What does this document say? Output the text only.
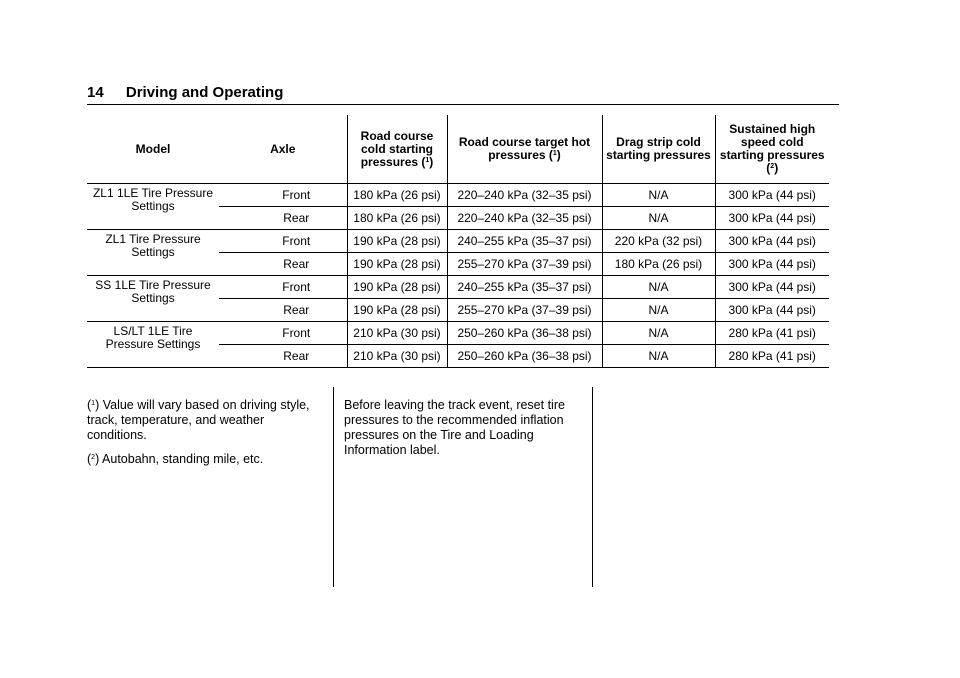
14 Driving and Operating
Model	Axle	Road course cold starting pressures ($^1$)	Road course target hot pressures ($^1$)	Drag strip cold starting pressures	Sustained high speed cold starting pressures ($^2$)
ZL1 1LE Tire Pressure Settings	Front	180 kPa (26 psi)	220–240 kPa (32–35 psi)	N/A	300 kPa (44 psi)
	Rear	180 kPa (26 psi)	220–240 kPa (32–35 psi)	N/A	300 kPa (44 psi)
ZL1 Tire Pressure Settings	Front	190 kPa (28 psi)	240–255 kPa (35–37 psi)	220 kPa (32 psi)	300 kPa (44 psi)
	Rear	190 kPa (28 psi)	255–270 kPa (37–39 psi)	180 kPa (26 psi)	300 kPa (44 psi)
SS 1LE Tire Pressure Settings	Front	190 kPa (28 psi)	240–255 kPa (35–37 psi)	N/A	300 kPa (44 psi)
	Rear	190 kPa (28 psi)	255–270 kPa (37–39 psi)	N/A	300 kPa (44 psi)
LS/LT 1LE Tire Pressure Settings	Front	210 kPa (30 psi)	250–260 kPa (36–38 psi)	N/A	280 kPa (41 psi)
	Rear	210 kPa (30 psi)	250–260 kPa (36–38 psi)	N/A	280 kPa (41 psi)

($^1$) Value will vary based on driving style, track, temperature, and weather conditions.

($^2$) Autobahn, standing mile, etc.

Before leaving the track event, reset tire pressures to the recommended inflation pressures on the Tire and Loading Information label.
